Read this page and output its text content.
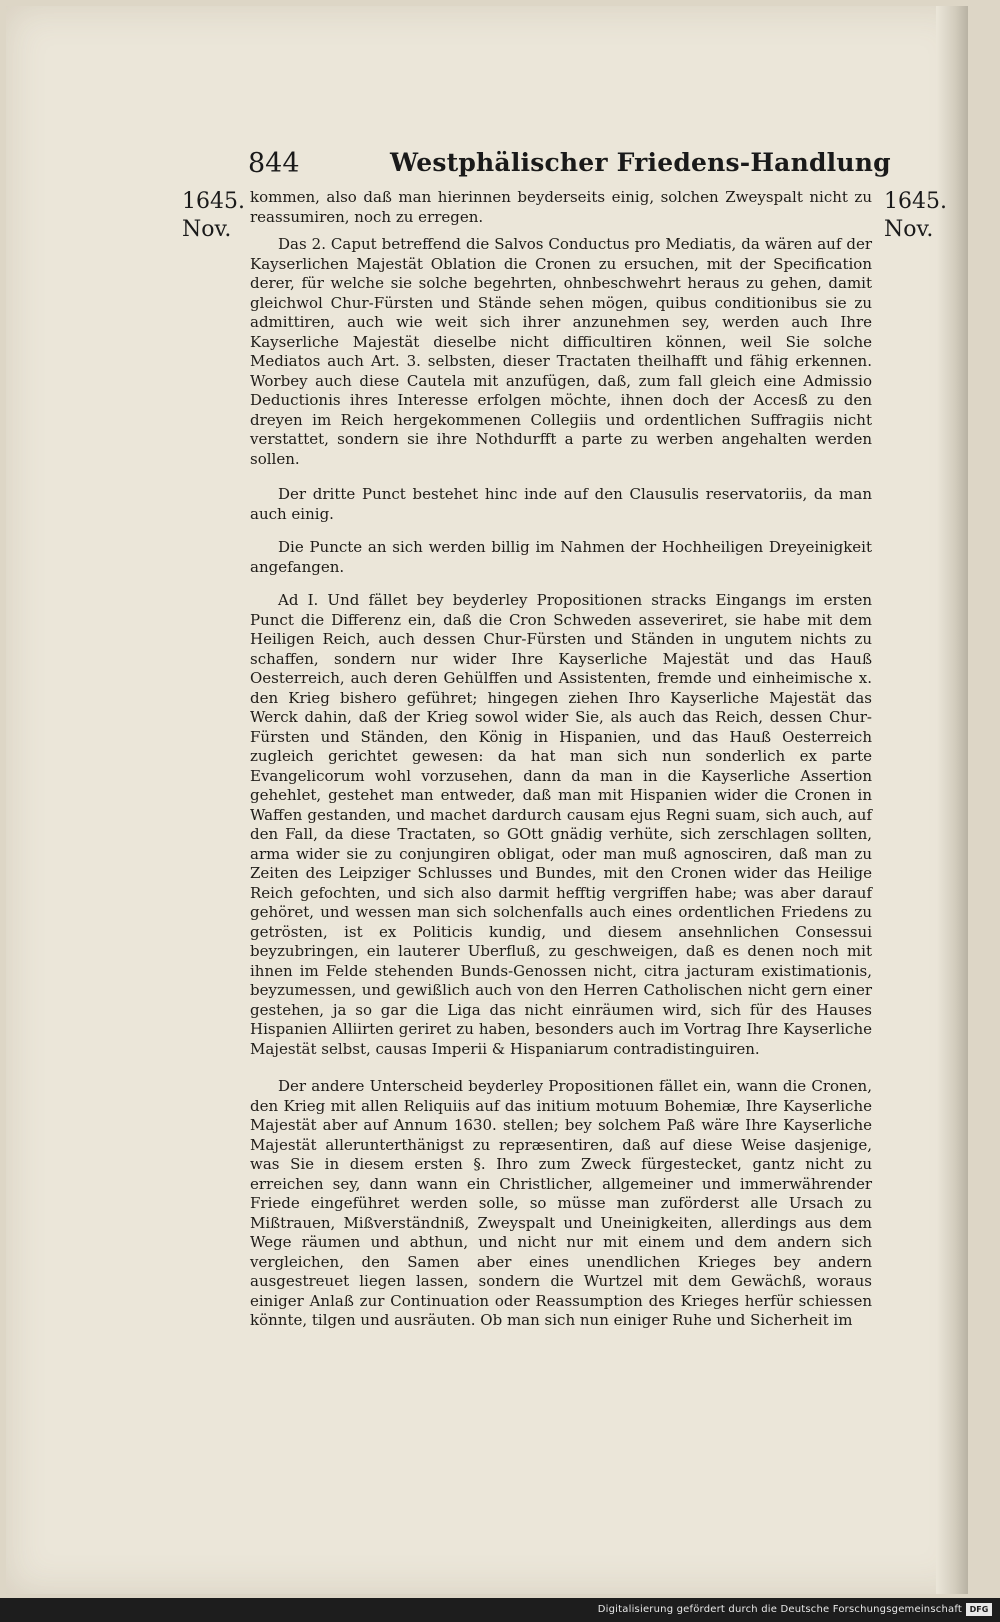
844	Westphälischer Friedens-Handlung
1645.
Nov.
1645.
Nov.

kommen, also daß man hierinnen beyderseits einig, solchen Zweyspalt nicht zu reassumiren, noch zu erregen.

Das 2. Caput betreffend die Salvos Conductus pro Mediatis, da wären auf der Kayserlichen Majestät Oblation die Cronen zu ersuchen, mit der Specification derer, für welche sie solche begehrten, ohnbeschwehrt heraus zu gehen, damit gleichwol Chur-Fürsten und Stände sehen mögen, quibus conditionibus sie zu admittiren, auch wie weit sich ihrer anzunehmen sey, werden auch Ihre Kayserliche Majestät dieselbe nicht difficultiren können, weil Sie solche Mediatos auch Art. 3. selbsten, dieser Tractaten theilhafft und fähig erkennen. Worbey auch diese Cautela mit anzufügen, daß, zum fall gleich eine Admissio Deductionis ihres Interesse erfolgen möchte, ihnen doch der Accesß zu den dreyen im Reich hergekommenen Collegiis und ordentlichen Suffragiis nicht verstattet, sondern sie ihre Nothdurfft a parte zu werben angehalten werden sollen.

Der dritte Punct bestehet hinc inde auf den Clausulis reservatoriis, da man auch einig.

Die Puncte an sich werden billig im Nahmen der Hochheiligen Dreyeinigkeit angefangen.

Ad I. Und fället bey beyderley Propositionen stracks Eingangs im ersten Punct die Differenz ein, daß die Cron Schweden asseveriret, sie habe mit dem Heiligen Reich, auch dessen Chur-Fürsten und Ständen in ungutem nichts zu schaffen, sondern nur wider Ihre Kayserliche Majestät und das Hauß Oesterreich, auch deren Gehülffen und Assistenten, fremde und einheimische x. den Krieg bishero geführet; hingegen ziehen Ihro Kayserliche Majestät das Werck dahin, daß der Krieg sowol wider Sie, als auch das Reich, dessen Chur-Fürsten und Ständen, den König in Hispanien, und das Hauß Oesterreich zugleich gerichtet gewesen: da hat man sich nun sonderlich ex parte Evangelicorum wohl vorzusehen, dann da man in die Kayserliche Assertion gehehlet, gestehet man entweder, daß man mit Hispanien wider die Cronen in Waffen gestanden, und machet dardurch causam ejus Regni suam, sich auch, auf den Fall, da diese Tractaten, so GOtt gnädig verhüte, sich zerschlagen sollten, arma wider sie zu conjungiren obligat, oder man muß agnosciren, daß man zu Zeiten des Leipziger Schlusses und Bundes, mit den Cronen wider das Heilige Reich gefochten, und sich also darmit hefftig vergriffen habe; was aber darauf gehöret, und wessen man sich solchenfalls auch eines ordentlichen Friedens zu getrösten, ist ex Politicis kundig, und diesem ansehnlichen Consessui beyzubringen, ein lauterer Uberfluß, zu geschweigen, daß es denen noch mit ihnen im Felde stehenden Bunds-Genossen nicht, citra jacturam existimationis, beyzumessen, und gewißlich auch von den Herren Catholischen nicht gern einer gestehen, ja so gar die Liga das nicht einräumen wird, sich für des Hauses Hispanien Alliirten geriret zu haben, besonders auch im Vortrag Ihre Kayserliche Majestät selbst, causas Imperii & Hispaniarum contradistinguiren.

Der andere Unterscheid beyderley Propositionen fället ein, wann die Cronen, den Krieg mit allen Reliquiis auf das initium motuum Bohemiæ, Ihre Kayserliche Majestät aber auf Annum 1630. stellen; bey solchem Paß wäre Ihre Kayserliche Majestät allerunterthänigst zu repræsentiren, daß auf diese Weise dasjenige, was Sie in diesem ersten §. Ihro zum Zweck fürgestecket, gantz nicht zu erreichen sey, dann wann ein Christlicher, allgemeiner und immerwährender Friede eingeführet werden solle, so müsse man zuförderst alle Ursach zu Mißtrauen, Mißverständniß, Zweyspalt und Uneinigkeiten, allerdings aus dem Wege räumen und abthun, und nicht nur mit einem und dem andern sich vergleichen, den Samen aber eines unendlichen Krieges bey andern ausgestreuet liegen lassen, sondern die Wurtzel mit dem Gewächß, woraus einiger Anlaß zur Continuation oder Reassumption des Krieges herfür schiessen könnte, tilgen und ausräuten. Ob man sich nun einiger Ruhe und Sicherheit im

Digitalisierung gefördert durch die Deutsche Forschungsgemeinschaft DFG
